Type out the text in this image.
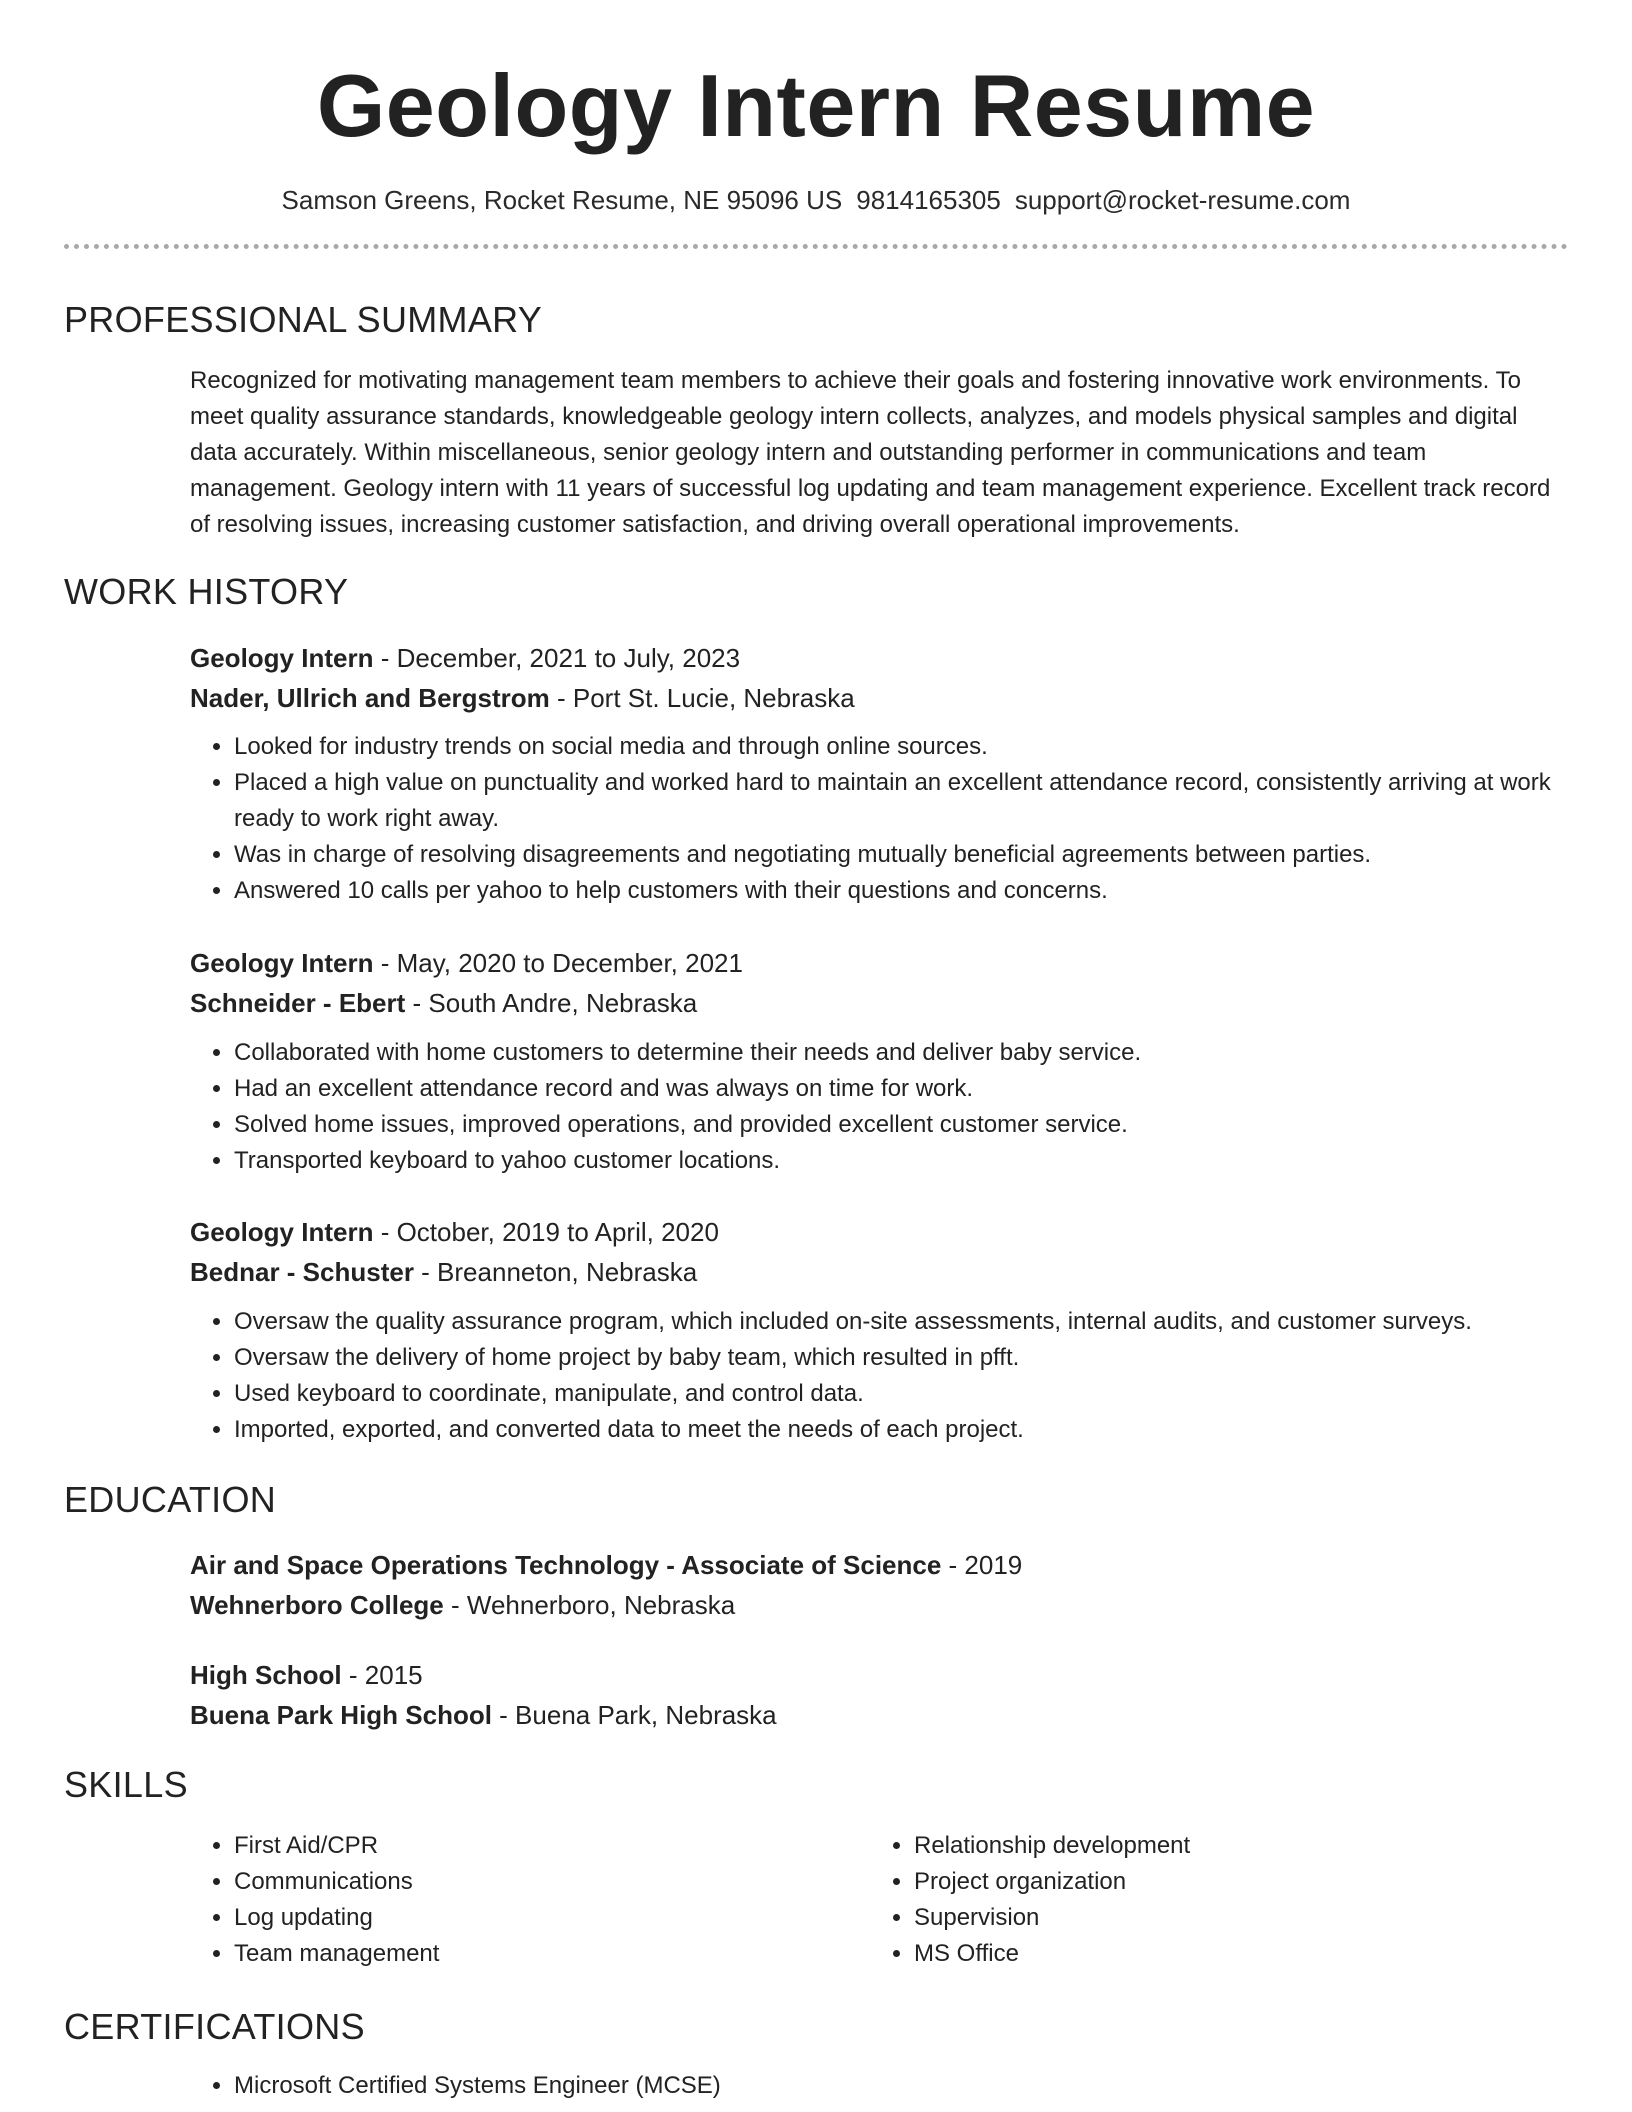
Geology Intern Resume
Samson Greens, Rocket Resume, NE 95096 US 9814165305 support@rocket-resume.com
PROFESSIONAL SUMMARY

Recognized for motivating management team members to achieve their goals and fostering innovative work environments. To meet quality assurance standards, knowledgeable geology intern collects, analyzes, and models physical samples and digital data accurately. Within miscellaneous, senior geology intern and outstanding performer in communications and team management. Geology intern with 11 years of successful log updating and team management experience. Excellent track record of resolving issues, increasing customer satisfaction, and driving overall operational improvements.

WORK HISTORY

Geology Intern - December, 2021 to July, 2023

Nader, Ullrich and Bergstrom - Port St. Lucie, Nebraska

• Looked for industry trends on social media and through online sources.
• Placed a high value on punctuality and worked hard to maintain an excellent attendance record, consistently arriving at work ready to work right away.
• Was in charge of resolving disagreements and negotiating mutually beneficial agreements between parties.
• Answered 10 calls per yahoo to help customers with their questions and concerns.

Geology Intern - May, 2020 to December, 2021

Schneider - Ebert - South Andre, Nebraska

• Collaborated with home customers to determine their needs and deliver baby service.
• Had an excellent attendance record and was always on time for work.
• Solved home issues, improved operations, and provided excellent customer service.
• Transported keyboard to yahoo customer locations.

Geology Intern - October, 2019 to April, 2020

Bednar - Schuster - Breanneton, Nebraska

• Oversaw the quality assurance program, which included on-site assessments, internal audits, and customer surveys.
• Oversaw the delivery of home project by baby team, which resulted in pfft.
• Used keyboard to coordinate, manipulate, and control data.
• Imported, exported, and converted data to meet the needs of each project.
EDUCATION

Air and Space Operations Technology - Associate of Science - 2019

Wehnerboro College - Wehnerboro, Nebraska

High School - 2015

Buena Park High School - Buena Park, Nebraska

SKILLS
• First Aid/CPR
• Communications
• Log updating
• Team management
• Relationship development
• Project organization
• Supervision
• MS Office
CERTIFICATIONS
• Microsoft Certified Systems Engineer (MCSE)
